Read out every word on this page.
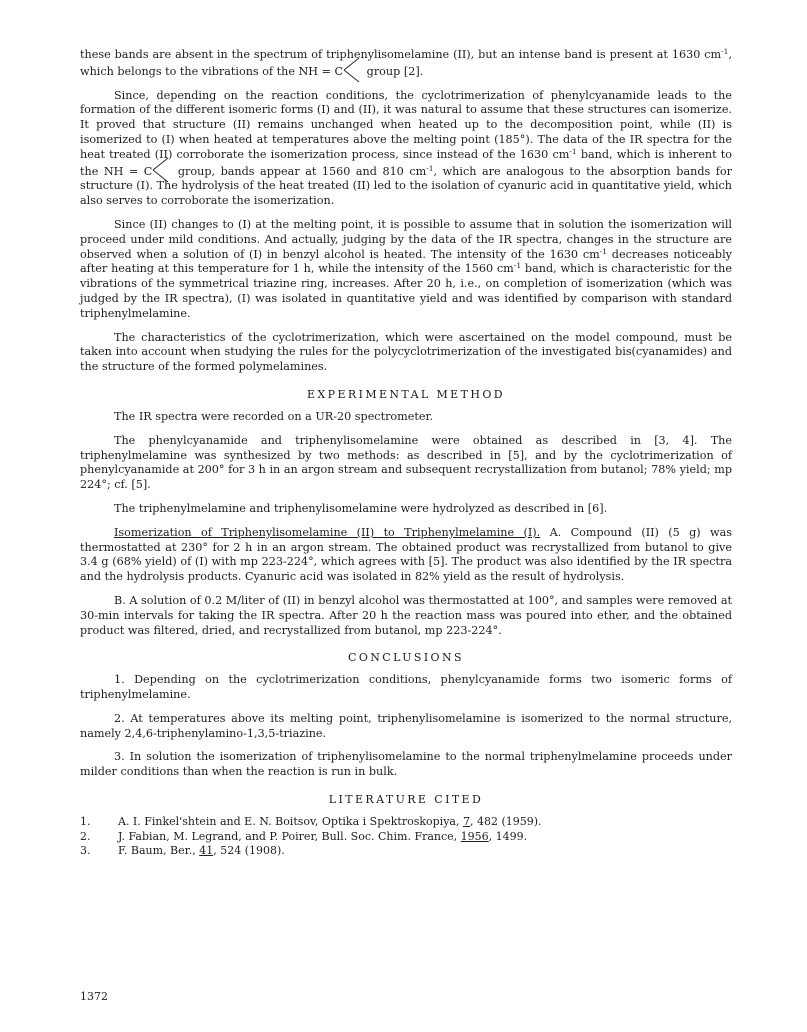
these bands are absent in the spectrum of triphenylisomelamine (II), but an intense band is present at 1630 $cm^{-1}$, which belongs to the vibrations of the NH = C
group [2].

Since, depending on the reaction conditions, the cyclotrimerization of phenylcyanamide leads to the formation of the different isomeric forms (I) and (II), it was natural to assume that these structures can isomerize. It proved that structure (II) remains unchanged when heated up to the decomposition point, while (II) is isomerized to (I) when heated at temperatures above the melting point (185°). The data of the IR spectra for the heat treated (II) corroborate the isomerization process, since instead of the 1630 $cm^{-1}$ band, which is inherent to the NH = C
group, bands appear at 1560 and 810 $cm^{-1}$, which are analogous to the absorption bands for structure (I). The hydrolysis of the heat treated (II) led to the isolation of cyanuric acid in quantitative yield, which also serves to corroborate the isomerization.

Since (II) changes to (I) at the melting point, it is possible to assume that in solution the isomerization will proceed under mild conditions. And actually, judging by the data of the IR spectra, changes in the structure are observed when a solution of (I) in benzyl alcohol is heated. The intensity of the 1630 $cm^{-1}$ decreases noticeably after heating at this temperature for 1 h, while the intensity of the 1560 $cm^{-1}$ band, which is characteristic for the vibrations of the symmetrical triazine ring, increases. After 20 h, i.e., on completion of isomerization (which was judged by the IR spectra), (I) was isolated in quantitative yield and was identified by comparison with standard triphenylmelamine.

The characteristics of the cyclotrimerization, which were ascertained on the model compound, must be taken into account when studying the rules for the polycyclotrimerization of the investigated bis(cyanamides) and the structure of the formed polymelamines.

EXPERIMENTAL METHOD

The IR spectra were recorded on a UR-20 spectrometer.

The phenylcyanamide and triphenylisomelamine were obtained as described in [3, 4]. The triphenylmelamine was synthesized by two methods: as described in [5], and by the cyclotrimerization of phenylcyanamide at 200° for 3 h in an argon stream and subsequent recrystallization from butanol; 78% yield; mp 224°; cf. [5].

The triphenylmelamine and triphenylisomelamine were hydrolyzed as described in [6].

Isomerization of Triphenylisomelamine (II) to Triphenylmelamine (I). A. Compound (II) (5 g) was thermostatted at 230° for 2 h in an argon stream. The obtained product was recrystallized from butanol to give 3.4 g (68% yield) of (I) with mp 223-224°, which agrees with [5]. The product was also identified by the IR spectra and the hydrolysis products. Cyanuric acid was isolated in 82% yield as the result of hydrolysis.

B. A solution of 0.2 M/liter of (II) in benzyl alcohol was thermostatted at 100°, and samples were removed at 30-min intervals for taking the IR spectra. After 20 h the reaction mass was poured into ether, and the obtained product was filtered, dried, and recrystallized from butanol, mp 223-224°.

CONCLUSIONS

1. Depending on the cyclotrimerization conditions, phenylcyanamide forms two isomeric forms of triphenylmelamine.

2. At temperatures above its melting point, triphenylisomelamine is isomerized to the normal structure, namely 2,4,6-triphenylamino-1,3,5-triazine.

3. In solution the isomerization of triphenylisomelamine to the normal triphenylmelamine proceeds under milder conditions than when the reaction is run in bulk.

LITERATURE CITED
1.	A. I. Finkel'shtein and E. N. Boitsov, Optika i Spektroskopiya, 7, 482 (1959).
2.	J. Fabian, M. Legrand, and P. Poirer, Bull. Soc. Chim. France, 1956, 1499.
3.	F. Baum, Ber., 41, 524 (1908).
1372
